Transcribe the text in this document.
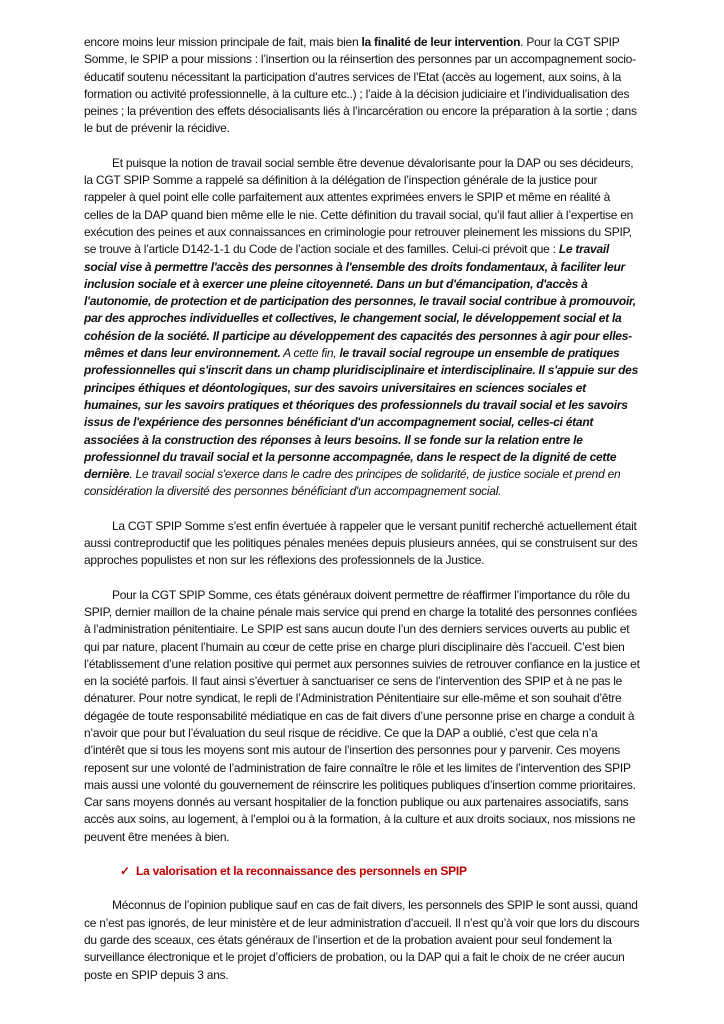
encore moins leur mission principale de fait, mais bien la finalité de leur intervention. Pour la CGT SPIP Somme, le SPIP a pour missions : l’insertion ou la réinsertion des personnes par un accompagnement socio-éducatif soutenu nécessitant la participation d’autres services de l’Etat (accès au logement, aux soins, à la formation ou activité professionnelle, à la culture etc..) ; l’aide à la décision judiciaire et l’individualisation des peines ; la prévention des effets désocialisants liés à l’incarcération ou encore la préparation à la sortie ; dans le but de prévenir la récidive.

Et puisque la notion de travail social semble être devenue dévalorisante pour la DAP ou ses décideurs, la CGT SPIP Somme a rappelé sa définition à la délégation de l’inspection générale de la justice pour rappeler à quel point elle colle parfaitement aux attentes exprimées envers le SPIP et même en réalité à celles de la DAP quand bien même elle le nie. Cette définition du travail social, qu’il faut allier à l’expertise en exécution des peines et aux connaissances en criminologie pour retrouver pleinement les missions du SPIP, se trouve à l’article D142-1-1 du Code de l’action sociale et des familles. Celui-ci prévoit que : Le travail social vise à permettre l'accès des personnes à l'ensemble des droits fondamentaux, à faciliter leur inclusion sociale et à exercer une pleine citoyenneté. Dans un but d'émancipation, d'accès à l'autonomie, de protection et de participation des personnes, le travail social contribue à promouvoir, par des approches individuelles et collectives, le changement social, le développement social et la cohésion de la société. Il participe au développement des capacités des personnes à agir pour elles-mêmes et dans leur environnement. A cette fin, le travail social regroupe un ensemble de pratiques professionnelles qui s'inscrit dans un champ pluridisciplinaire et interdisciplinaire. Il s'appuie sur des principes éthiques et déontologiques, sur des savoirs universitaires en sciences sociales et humaines, sur les savoirs pratiques et théoriques des professionnels du travail social et les savoirs issus de l'expérience des personnes bénéficiant d'un accompagnement social, celles-ci étant associées à la construction des réponses à leurs besoins. Il se fonde sur la relation entre le professionnel du travail social et la personne accompagnée, dans le respect de la dignité de cette dernière. Le travail social s'exerce dans le cadre des principes de solidarité, de justice sociale et prend en considération la diversité des personnes bénéficiant d'un accompagnement social.

La CGT SPIP Somme s’est enfin évertuée à rappeler que le versant punitif recherché actuellement était aussi contreproductif que les politiques pénales menées depuis plusieurs années, qui se construisent sur des approches populistes et non sur les réflexions des professionnels de la Justice.

Pour la CGT SPIP Somme, ces états généraux doivent permettre de réaffirmer l’importance du rôle du SPIP, dernier maillon de la chaine pénale mais service qui prend en charge la totalité des personnes confiées à l’administration pénitentiaire. Le SPIP est sans aucun doute l’un des derniers services ouverts au public et qui par nature, placent l’humain au cœur de cette prise en charge pluri disciplinaire dès l’accueil. C’est bien l’établissement d’une relation positive qui permet aux personnes suivies de retrouver confiance en la justice et en la société parfois. Il faut ainsi s’évertuer à sanctuariser ce sens de l’intervention des SPIP et à ne pas le dénaturer. Pour notre syndicat, le repli de l’Administration Pénitentiaire sur elle-même et son souhait d’être dégagée de toute responsabilité médiatique en cas de fait divers d’une personne prise en charge a conduit à n’avoir que pour but l’évaluation du seul risque de récidive. Ce que la DAP a oublié, c’est que cela n’a d’intérêt que si tous les moyens sont mis autour de l’insertion des personnes pour y parvenir. Ces moyens reposent sur une volonté de l’administration de faire connaître le rôle et les limites de l’intervention des SPIP mais aussi une volonté du gouvernement de réinscrire les politiques publiques d’insertion comme prioritaires. Car sans moyens donnés au versant hospitalier de la fonction publique ou aux partenaires associatifs, sans accès aux soins, au logement, à l’emploi ou à la formation, à la culture et aux droits sociaux, nos missions ne peuvent être menées à bien.

✓ La valorisation et la reconnaissance des personnels en SPIP

Méconnus de l’opinion publique sauf en cas de fait divers, les personnels des SPIP le sont aussi, quand ce n’est pas ignorés, de leur ministère et de leur administration d’accueil. Il n’est qu’à voir que lors du discours du garde des sceaux, ces états généraux de l’insertion et de la probation avaient pour seul fondement la surveillance électronique et le projet d’officiers de probation, ou la DAP qui a fait le choix de ne créer aucun poste en SPIP depuis 3 ans.
